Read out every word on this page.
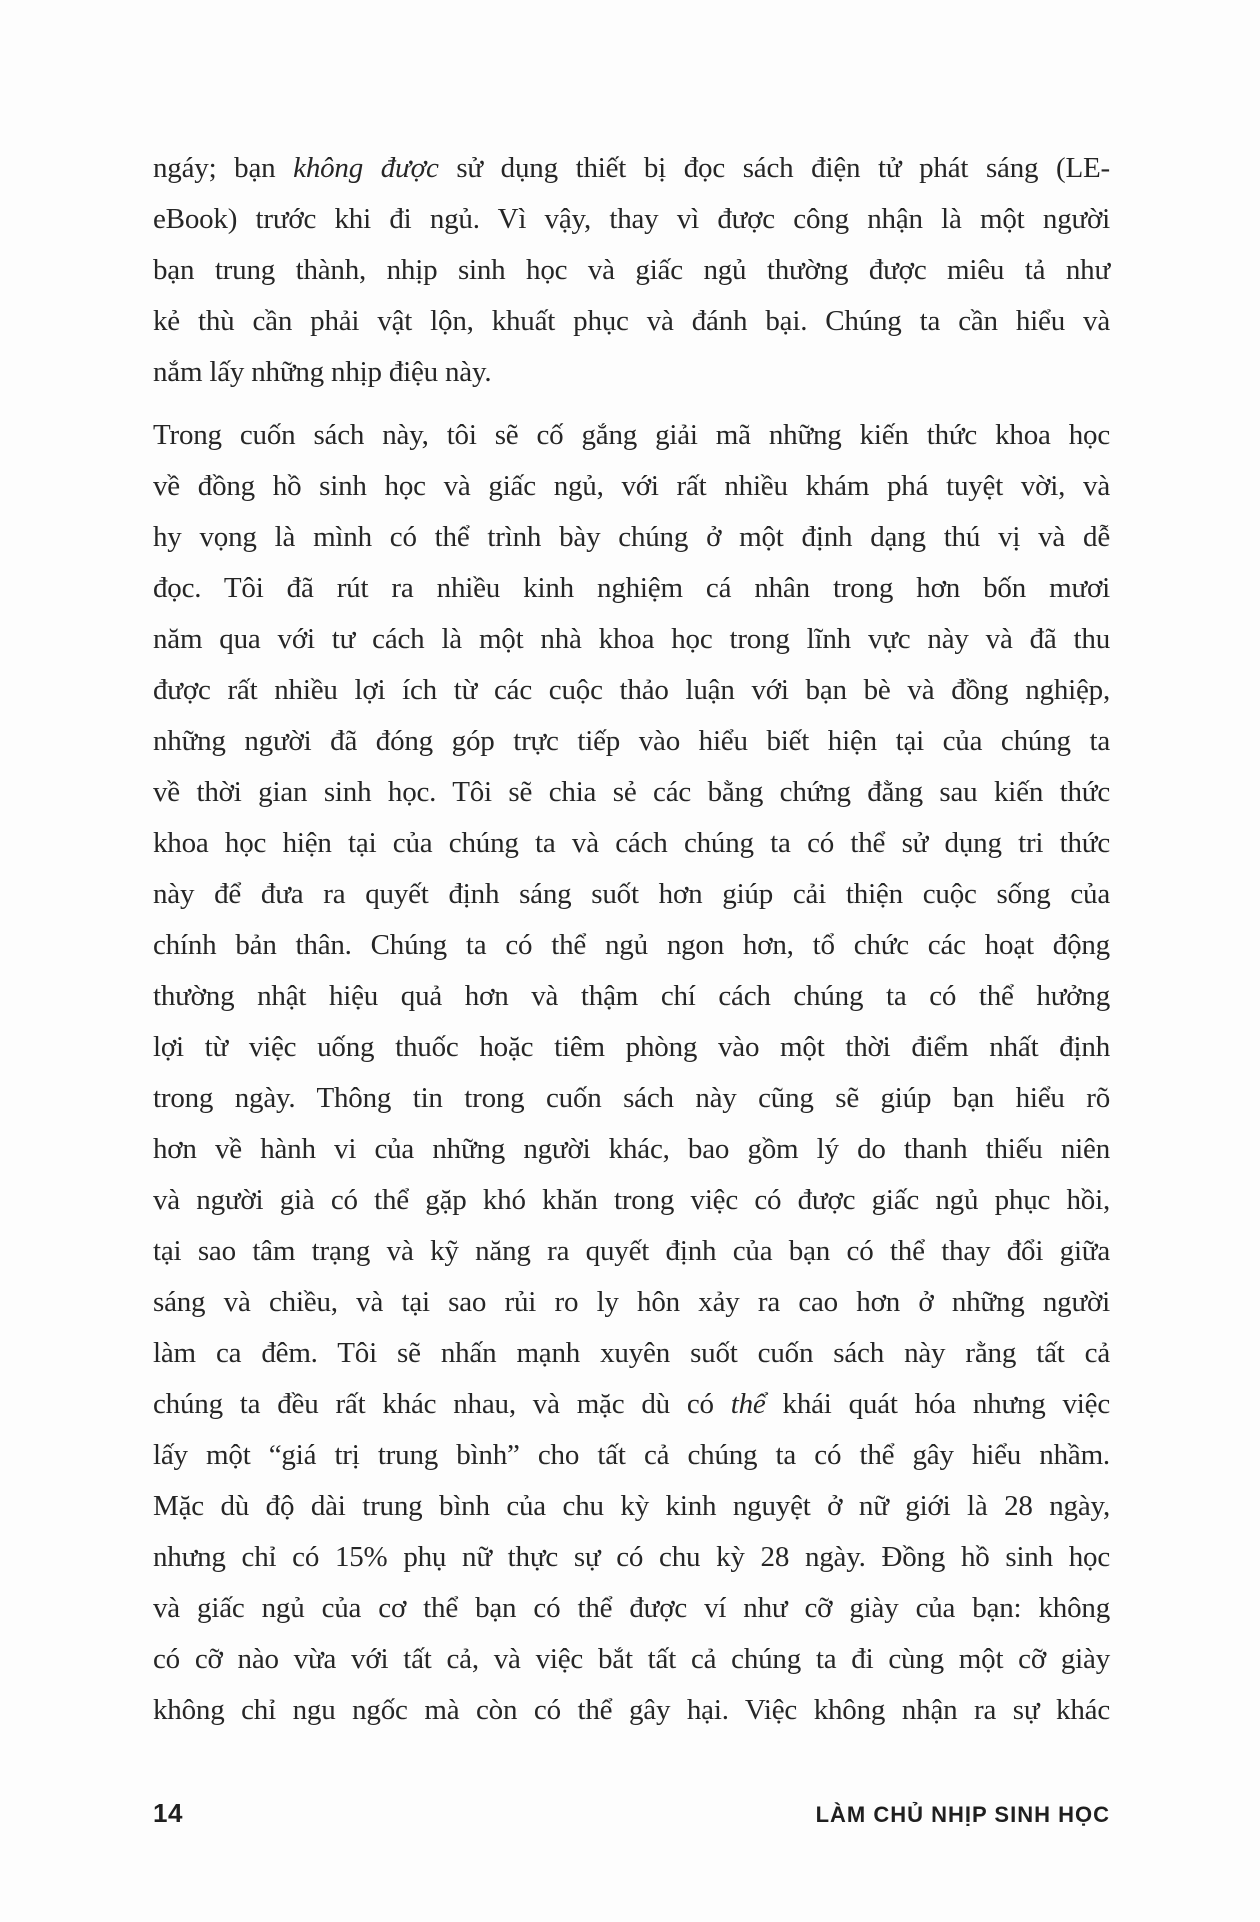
ngáy; bạn không được sử dụng thiết bị đọc sách điện tử phát sáng (LE-
eBook) trước khi đi ngủ. Vì vậy, thay vì được công nhận là một người
bạn trung thành, nhịp sinh học và giấc ngủ thường được miêu tả như
kẻ thù cần phải vật lộn, khuất phục và đánh bại. Chúng ta cần hiểu và
nắm lấy những nhịp điệu này.
Trong cuốn sách này, tôi sẽ cố gắng giải mã những kiến thức khoa học
về đồng hồ sinh học và giấc ngủ, với rất nhiều khám phá tuyệt vời, và
hy vọng là mình có thể trình bày chúng ở một định dạng thú vị và dễ
đọc. Tôi đã rút ra nhiều kinh nghiệm cá nhân trong hơn bốn mươi
năm qua với tư cách là một nhà khoa học trong lĩnh vực này và đã thu
được rất nhiều lợi ích từ các cuộc thảo luận với bạn bè và đồng nghiệp,
những người đã đóng góp trực tiếp vào hiểu biết hiện tại của chúng ta
về thời gian sinh học. Tôi sẽ chia sẻ các bằng chứng đằng sau kiến thức
khoa học hiện tại của chúng ta và cách chúng ta có thể sử dụng tri thức
này để đưa ra quyết định sáng suốt hơn giúp cải thiện cuộc sống của
chính bản thân. Chúng ta có thể ngủ ngon hơn, tổ chức các hoạt động
thường nhật hiệu quả hơn và thậm chí cách chúng ta có thể hưởng
lợi từ việc uống thuốc hoặc tiêm phòng vào một thời điểm nhất định
trong ngày. Thông tin trong cuốn sách này cũng sẽ giúp bạn hiểu rõ
hơn về hành vi của những người khác, bao gồm lý do thanh thiếu niên
và người già có thể gặp khó khăn trong việc có được giấc ngủ phục hồi,
tại sao tâm trạng và kỹ năng ra quyết định của bạn có thể thay đổi giữa
sáng và chiều, và tại sao rủi ro ly hôn xảy ra cao hơn ở những người
làm ca đêm. Tôi sẽ nhấn mạnh xuyên suốt cuốn sách này rằng tất cả
chúng ta đều rất khác nhau, và mặc dù có thể khái quát hóa nhưng việc
lấy một “giá trị trung bình” cho tất cả chúng ta có thể gây hiểu nhầm.
Mặc dù độ dài trung bình của chu kỳ kinh nguyệt ở nữ giới là 28 ngày,
nhưng chỉ có 15% phụ nữ thực sự có chu kỳ 28 ngày. Đồng hồ sinh học
và giấc ngủ của cơ thể bạn có thể được ví như cỡ giày của bạn: không
có cỡ nào vừa với tất cả, và việc bắt tất cả chúng ta đi cùng một cỡ giày
không chỉ ngu ngốc mà còn có thể gây hại. Việc không nhận ra sự khác
14	LÀM CHỦ NHỊP SINH HỌC
